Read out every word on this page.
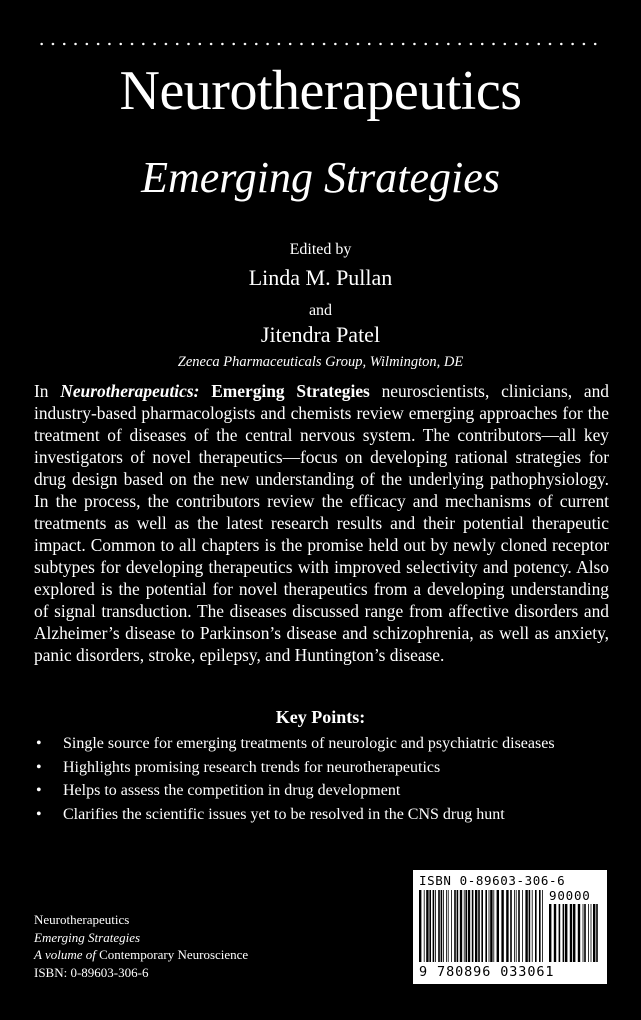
Neurotherapeutics
Emerging Strategies
Edited by
Linda M. Pullan
and
Jitendra Patel
Zeneca Pharmaceuticals Group, Wilmington, DE
In Neurotherapeutics: Emerging Strategies neuroscientists, clinicians, and industry-based pharmacologists and chemists review emerging approaches for the treatment of diseases of the central nervous system. The contributors—all key investigators of novel therapeutics—focus on developing rational strategies for drug design based on the new understanding of the underlying pathophysiology. In the process, the contributors review the efficacy and mechanisms of current treatments as well as the latest research results and their potential therapeutic impact. Common to all chapters is the promise held out by newly cloned receptor subtypes for developing therapeutics with improved selectivity and potency. Also explored is the potential for novel therapeutics from a developing understanding of signal transduction. The diseases discussed range from affective disorders and Alzheimer’s disease to Parkinson’s disease and schizophrenia, as well as anxiety, panic disorders, stroke, epilepsy, and Huntington’s disease.
Key Points:
• Single source for emerging treatments of neurologic and psychiatric diseases
• Highlights promising research trends for neurotherapeutics
• Helps to assess the competition in drug development
• Clarifies the scientific issues yet to be resolved in the CNS drug hunt
Neurotherapeutics
Emerging Strategies
A volume of Contemporary Neuroscience
ISBN: 0-89603-306-6
ISBN 0-89603-306-6
90000
9 780896 033061
